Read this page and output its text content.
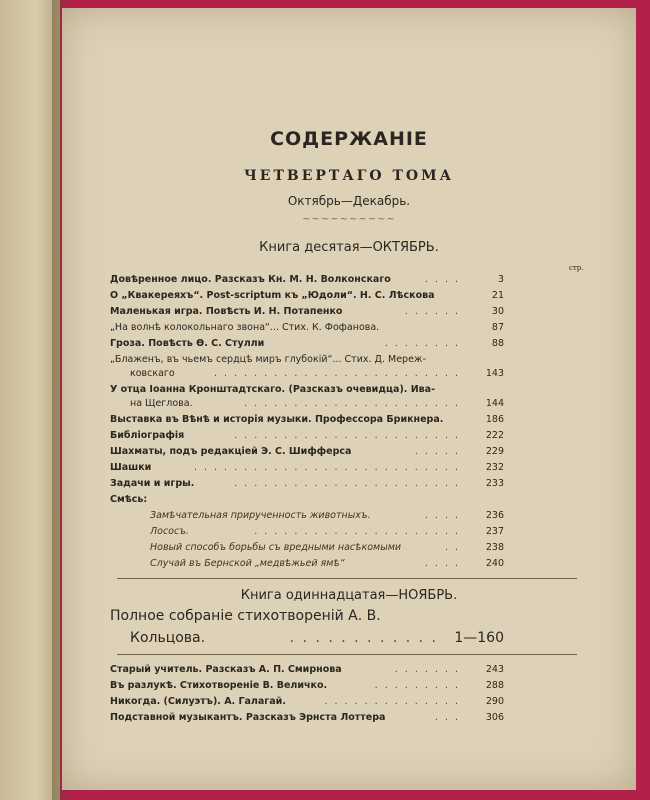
СОДЕРЖАНІЕ
ЧЕТВЕРТАГО ТОМА
Октябрь—Декабрь.
~~~~~~~~~~
Книга десятая—ОКТЯБРЬ.
стр.
Довѣренное лицо. Разсказъ Кн. М. Н. Волконскаго	. . . .	3
О „Квакереяхъ“. Post-scriptum къ „Юдоли“. Н. С. Лѣскова	21
Маленькая игра. Повѣсть И. Н. Потапенко	. . . . . .	30
„На волнѣ колокольнаго звона“... Стих. К. Фофанова.	87
Гроза. Повѣсть Ѳ. С. Стулли	. . . . . . . .	88
„Блаженъ, въ чьемъ сердцѣ миръ глубокій“... Стих. Д. Мереж-
ковскаго	. . . . . . . . . . . . . . . . . . . . . . . . .	143
У отца Іоанна Кронштадтскаго. (Разсказъ очевидца). Ива-
на Щеглова.	. . . . . . . . . . . . . . . . . . . . . .	144
Выставка въ Вѣнѣ и исторія музыки. Профессора Брикнера.	186
Библіографія	. . . . . . . . . . . . . . . . . . . . . . .	222
Шахматы, подъ редакціей Э. С. Шифферса	. . . . .	229
Шашки	. . . . . . . . . . . . . . . . . . . . . . . . . . .	232
Задачи и игры.	. . . . . . . . . . . . . . . . . . . . . . .	233
Смѣсь:
Замѣчательная прирученность животныхъ.	. . . .	236
Лососъ.	. . . . . . . . . . . . . . . . . . . . .	237
Новый способъ борьбы съ вредными насѣкомыми	. .	238
Случай въ Бернской „медвѣжьей ямѣ“	. . . .	240
Книга одиннадцатая—НОЯБРЬ.
Полное собраніе стихотвореній А. В.
Кольцова.	. . . . . . . . . . . .	1—160
Старый учитель. Разсказъ А. П. Смирнова	. . . . . . .	243
Въ разлукѣ. Стихотвореніе В. Величко.	. . . . . . . . .	288
Никогда. (Силуэтъ). А. Галагай.	. . . . . . . . . . . . . .	290
Подставной музыкантъ. Разсказъ Эрнста Лоттера	. . .	306
